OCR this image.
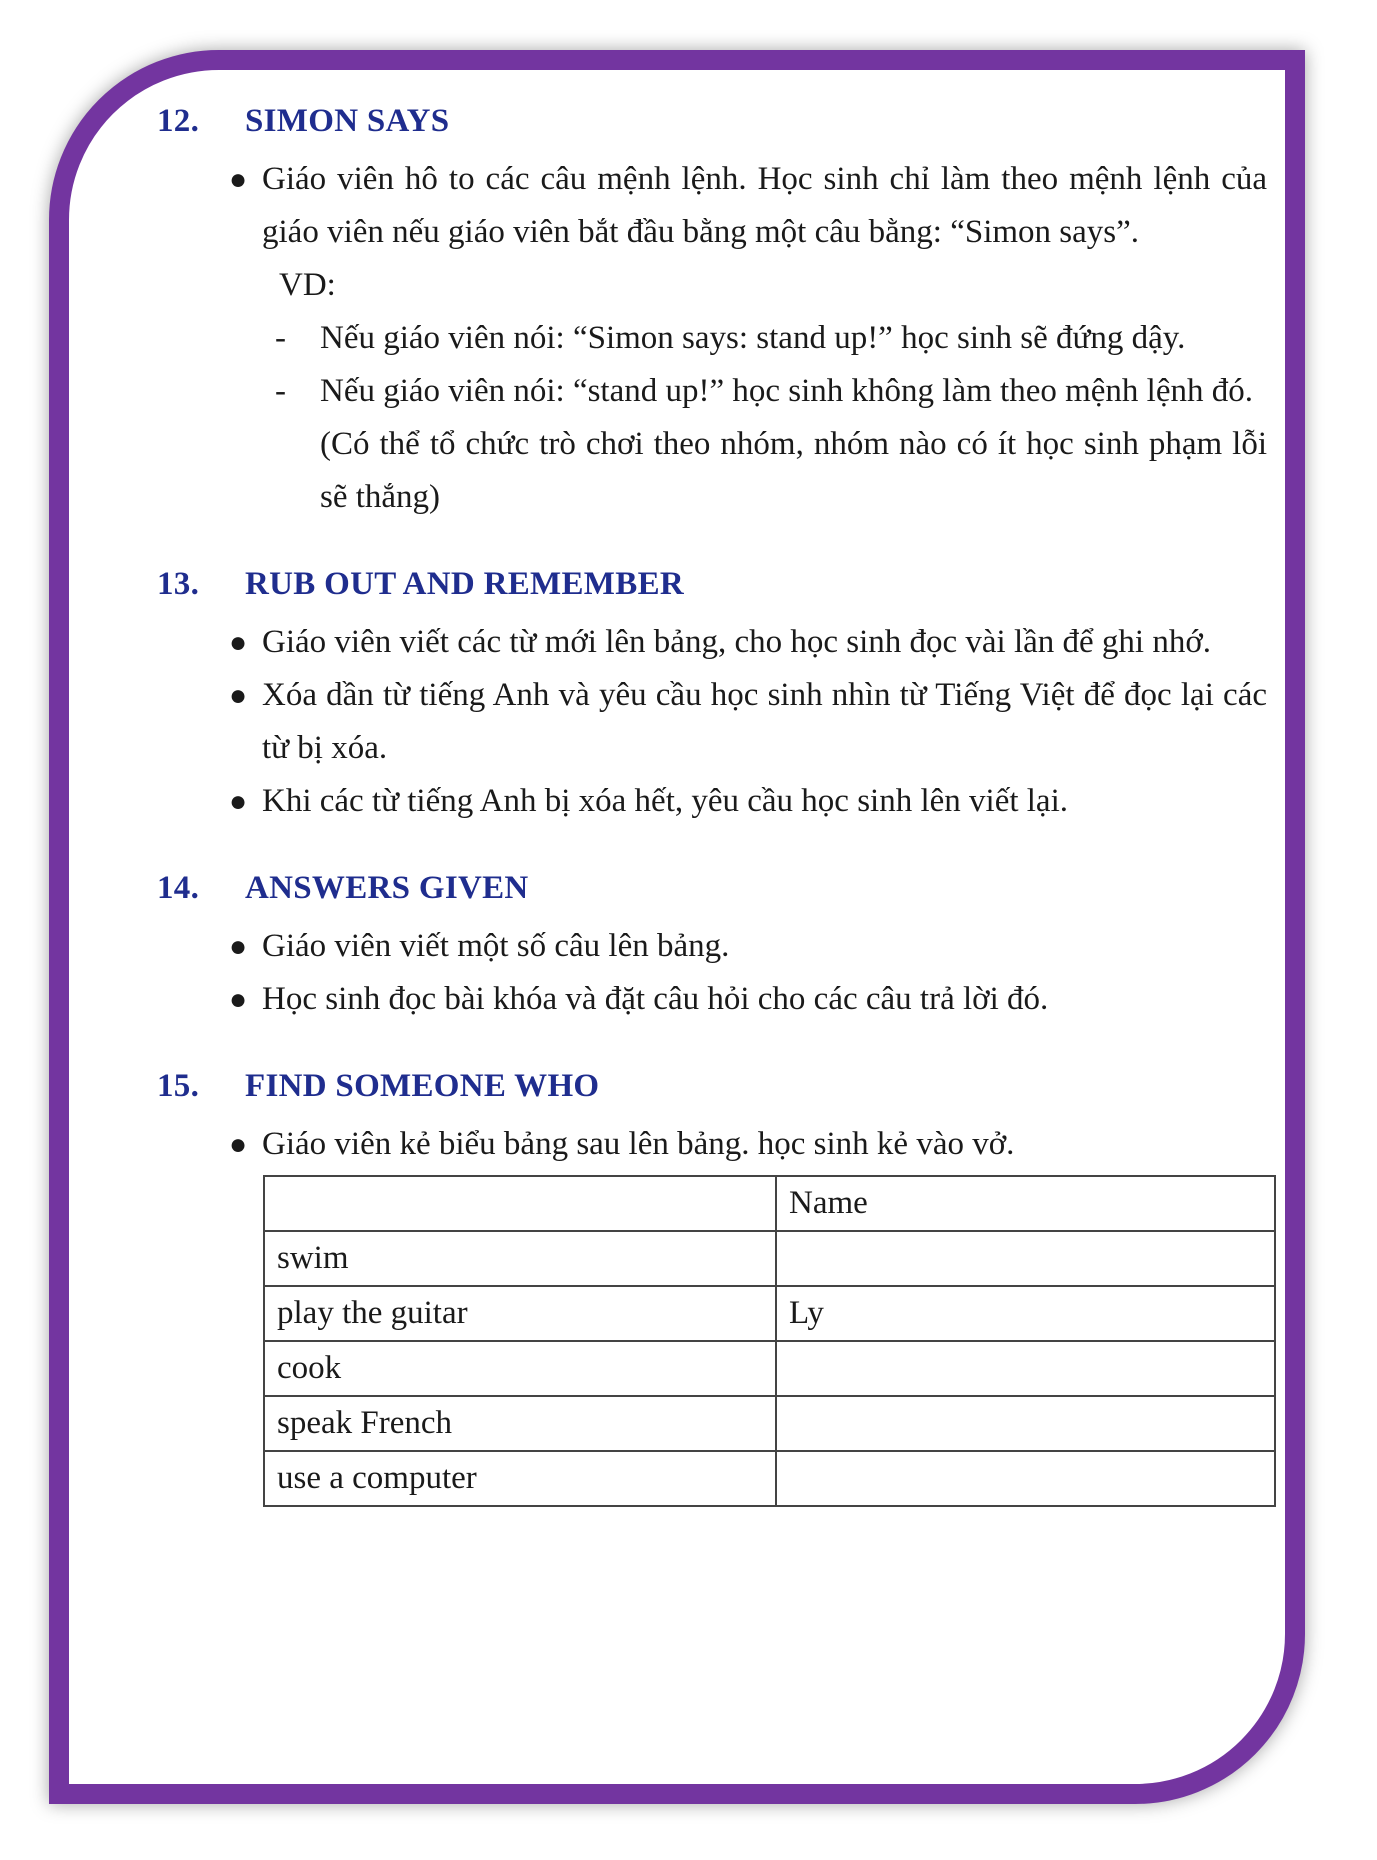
12.	SIMON SAYS
● Giáo viên hô to các câu mệnh lệnh. Học sinh chỉ làm theo mệnh lệnh của giáo viên nếu giáo viên bắt đầu bằng một câu bằng: “Simon says”.
VD:
- Nếu giáo viên nói: “Simon says: stand up!” học sinh sẽ đứng dậy.
- Nếu giáo viên nói: “stand up!” học sinh không làm theo mệnh lệnh đó.
(Có thể tổ chức trò chơi theo nhóm, nhóm nào có ít học sinh phạm lỗi sẽ thắng)
13.	RUB OUT AND REMEMBER
● Giáo viên viết các từ mới lên bảng, cho học sinh đọc vài lần để ghi nhớ.
● Xóa dần từ tiếng Anh và yêu cầu học sinh nhìn từ Tiếng Việt để đọc lại các từ bị xóa.
● Khi các từ tiếng Anh bị xóa hết, yêu cầu học sinh lên viết lại.
14.	ANSWERS GIVEN
● Giáo viên viết một số câu lên bảng.
● Học sinh đọc bài khóa và đặt câu hỏi cho các câu trả lời đó.
15.	FIND SOMEONE WHO
● Giáo viên kẻ biểu bảng sau lên bảng. học sinh kẻ vào vở.
	Name
swim	
play the guitar	Ly
cook	
speak French	
use a computer	
